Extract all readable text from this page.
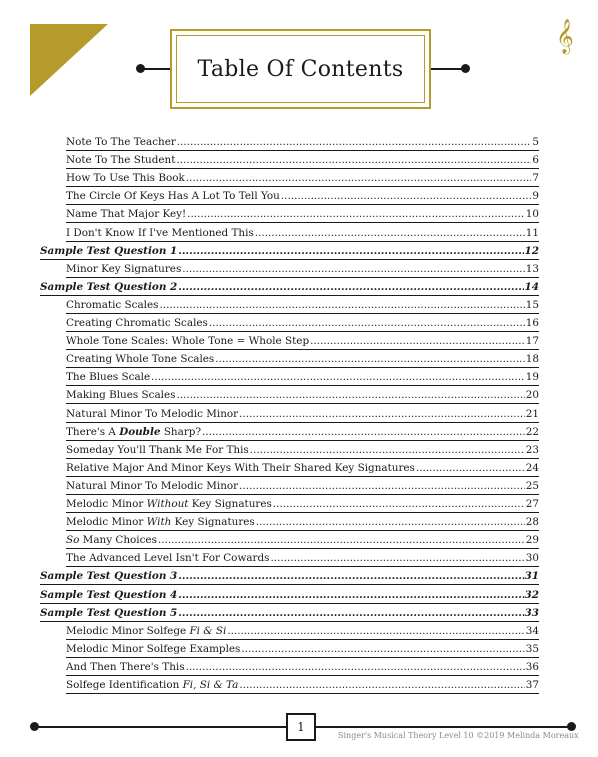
𝄞
Table Of Contents
Note To The Teacher .....	5
Note To The Student .....	6
How To Use This Book .....	7
The Circle Of Keys Has A Lot To Tell You .....	9
Name That Major Key! .....	10
I Don't Know If I've Mentioned This .....	11
Sample Test Question 1 .....	12
Minor Key Signatures .....	13
Sample Test Question 2 .....	14
Chromatic Scales .....	15
Creating Chromatic Scales .....	16
Whole Tone Scales: Whole Tone = Whole Step .....	17
Creating Whole Tone Scales .....	18
The Blues Scale .....	19
Making Blues Scales .....	20
Natural Minor To Melodic Minor .....	21
There's A Double Sharp? .....	22
Someday You'll Thank Me For This .....	23
Relative Major And Minor Keys With Their Shared Key Signatures .....	24
Natural Minor To Melodic Minor .....	25
Melodic Minor Without Key Signatures .....	27
Melodic Minor With Key Signatures .....	28
So Many Choices .....	29
The Advanced Level Isn't For Cowards .....	30
Sample Test Question 3 .....	31
Sample Test Question 4 .....	32
Sample Test Question 5 .....	33
Melodic Minor Solfege Fi & Si .....	34
Melodic Minor Solfege Examples .....	35
And Then There's This .....	36
Solfege Identification Fi, Si & Ta .....	37
1
Singer's Musical Theory Level 10 ©2019 Melinda Moreaux
